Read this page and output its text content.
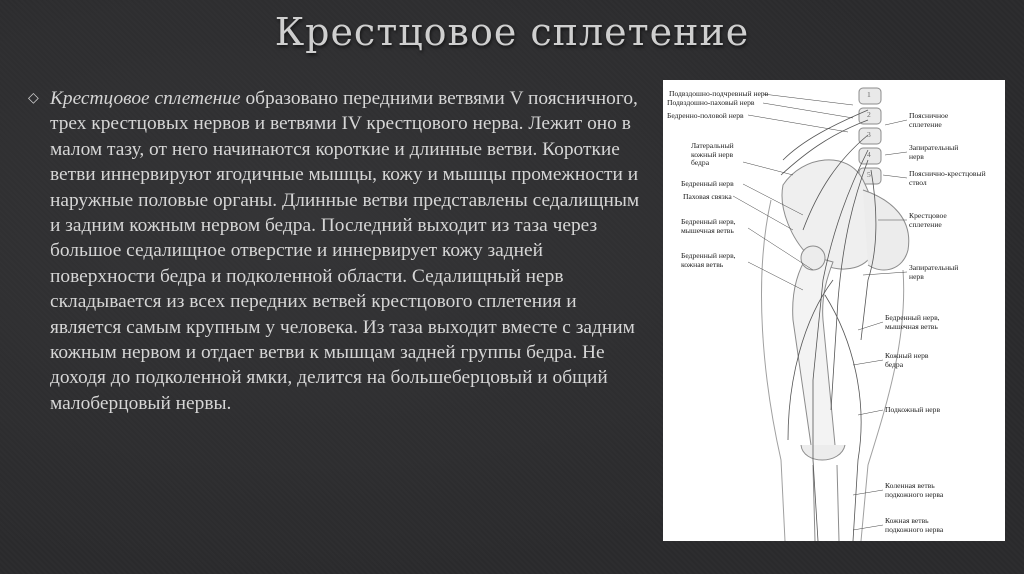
Крестцовое сплетение
◇ Крестцовое сплетение образовано передними ветвями V поясничного, трех крестцовых нервов и ветвями IV крестцового нерва. Лежит оно в малом тазу, от него начинаются короткие и длинные ветви. Короткие ветви иннервируют ягодичные мышцы, кожу и мышцы промежности и наружные половые органы. Длинные ветви представлены седалищным и задним кожным нервом бедра. Последний выходит из таза через большое седалищное отверстие и иннервирует кожу задней поверхности бедра и подколенной области. Седалищный нерв складывается из всех передних ветвей крестцового сплетения и является самым крупным у человека. Из таза выходит вместе с задним кожным нервом и отдает ветви к мышцам задней группы бедра. Не доходя до подколенной ямки, делится на большеберцовый и общий малоберцовый нервы.
1
2
3
4
5
Подвздошно-подчревный нерв
Подвздошно-паховый нерв
Бедренно-половой нерв
Латеральный
кожный нерв
бедра
Бедренный нерв
Паховая связка
Бедренный нерв,
мышечная ветвь
Бедренный нерв,
кожная ветвь
Поясничное
сплетение
Запирательный
нерв
Пояснично-крестцовый
ствол
Крестцовое
сплетение
Запирательный
нерв
Бедренный нерв,
мышечная ветвь
Кожный нерв
бедра
Подкожный нерв
Коленная ветвь
подкожного нерва
Кожная ветвь
подкожного нерва
